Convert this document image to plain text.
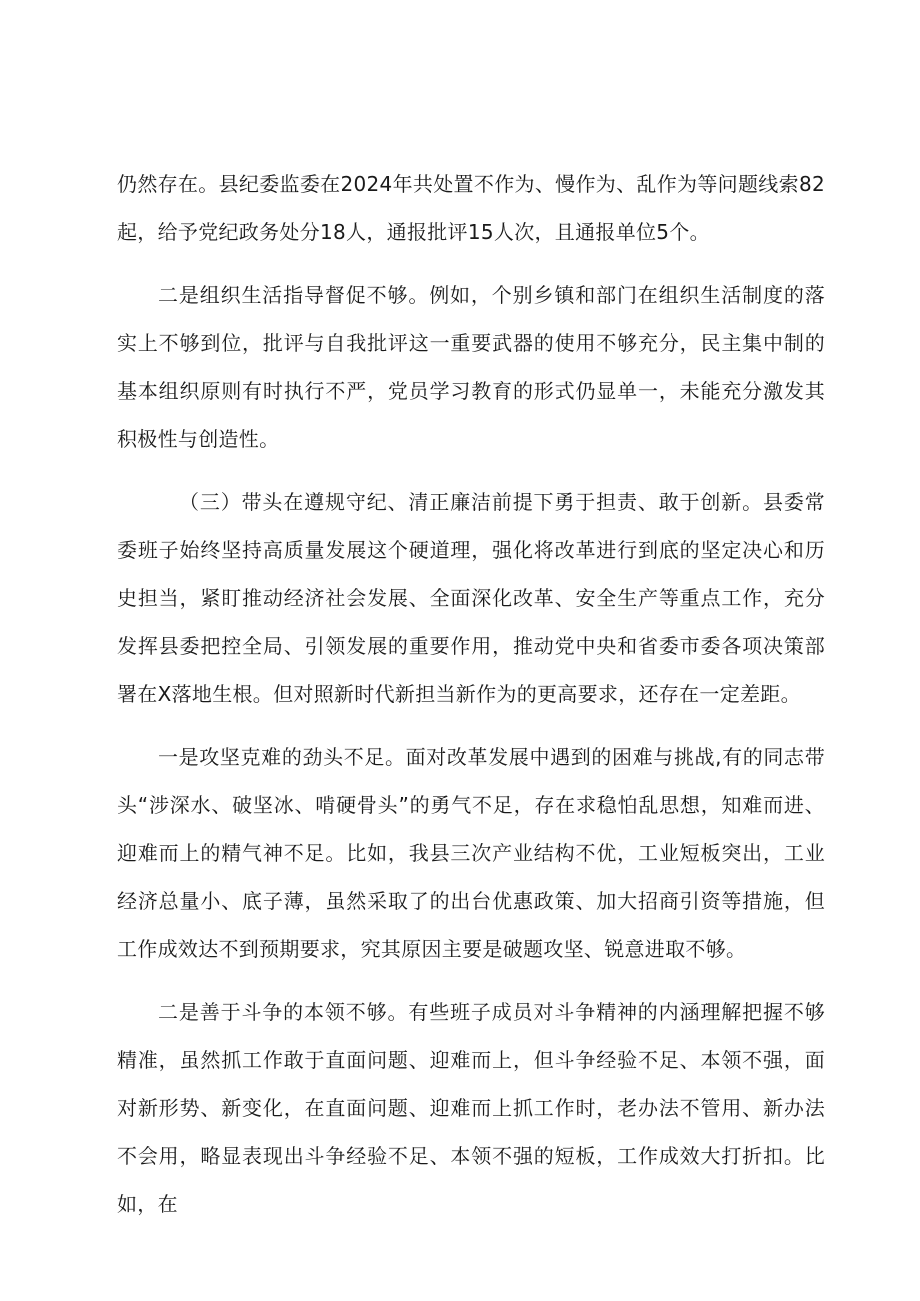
仍然存在。县纪委监委在2024年共处置不作为、慢作为、乱作为等问题线索82起，给予党纪政务处分18人，通报批评15人次，且通报单位5个。

二是组织生活指导督促不够。例如，个别乡镇和部门在组织生活制度的落实上不够到位，批评与自我批评这一重要武器的使用不够充分，民主集中制的基本组织原则有时执行不严，党员学习教育的形式仍显单一，未能充分激发其积极性与创造性。

（三）带头在遵规守纪、清正廉洁前提下勇于担责、敢于创新。县委常委班子始终坚持高质量发展这个硬道理，强化将改革进行到底的坚定决心和历史担当，紧盯推动经济社会发展、全面深化改革、安全生产等重点工作，充分发挥县委把控全局、引领发展的重要作用，推动党中央和省委市委各项决策部署在X落地生根。但对照新时代新担当新作为的更高要求，还存在一定差距。

一是攻坚克难的劲头不足。面对改革发展中遇到的困难与挑战,有的同志带头“涉深水、破坚冰、啃硬骨头”的勇气不足，存在求稳怕乱思想，知难而进、迎难而上的精气神不足。比如，我县三次产业结构不优，工业短板突出，工业经济总量小、底子薄，虽然采取了的出台优惠政策、加大招商引资等措施，但工作成效达不到预期要求，究其原因主要是破题攻坚、锐意进取不够。

二是善于斗争的本领不够。有些班子成员对斗争精神的内涵理解把握不够精准，虽然抓工作敢于直面问题、迎难而上，但斗争经验不足、本领不强，面对新形势、新变化，在直面问题、迎难而上抓工作时，老办法不管用、新办法不会用，略显表现出斗争经验不足、本领不强的短板，工作成效大打折扣。比如，在
